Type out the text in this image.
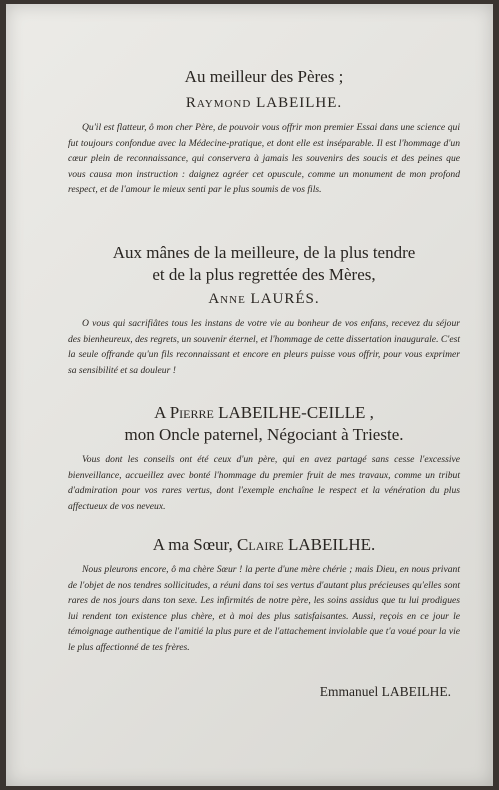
Au meilleur des Pères ;
Raymond LABEILHE.
Qu'il est flatteur, ô mon cher Père, de pouvoir vous offrir mon premier Essai dans une science qui fut toujours confondue avec la Médecine-pratique, et dont elle est inséparable. Il est l'hommage d'un cœur plein de reconnaissance, qui conservera à jamais les souvenirs des soucis et des peines que vous causa mon instruction : daignez agréer cet opuscule, comme un monument de mon profond respect, et de l'amour le mieux senti par le plus soumis de vos fils.
Aux mânes de la meilleure, de la plus tendre
et de la plus regrettée des Mères,
Anne LAURÉS.
O vous qui sacrifiâtes tous les instans de votre vie au bonheur de vos enfans, recevez du séjour des bienheureux, des regrets, un souvenir éternel, et l'hommage de cette dissertation inaugurale. C'est la seule offrande qu'un fils reconnaissant et encore en pleurs puisse vous offrir, pour vous exprimer sa sensibilité et sa douleur !
A Pierre LABEILHE-CEILLE ,
mon Oncle paternel, Négociant à Trieste.
Vous dont les conseils ont été ceux d'un père, qui en avez partagé sans cesse l'excessive bienveillance, accueillez avec bonté l'hommage du premier fruit de mes travaux, comme un tribut d'admiration pour vos rares vertus, dont l'exemple enchaîne le respect et la vénération du plus affectueux de vos neveux.
A ma Sœur, Claire LABEILHE.
Nous pleurons encore, ô ma chère Sœur ! la perte d'une mère chérie ; mais Dieu, en nous privant de l'objet de nos tendres sollicitudes, a réuni dans toi ses vertus d'autant plus précieuses qu'elles sont rares de nos jours dans ton sexe. Les infirmités de notre père, les soins assidus que tu lui prodigues lui rendent ton existence plus chère, et à moi des plus satisfaisantes. Aussi, reçois en ce jour le témoignage authentique de l'amitié la plus pure et de l'attachement inviolable que t'a voué pour la vie le plus affectionné de tes frères.
Emmanuel LABEILHE.
